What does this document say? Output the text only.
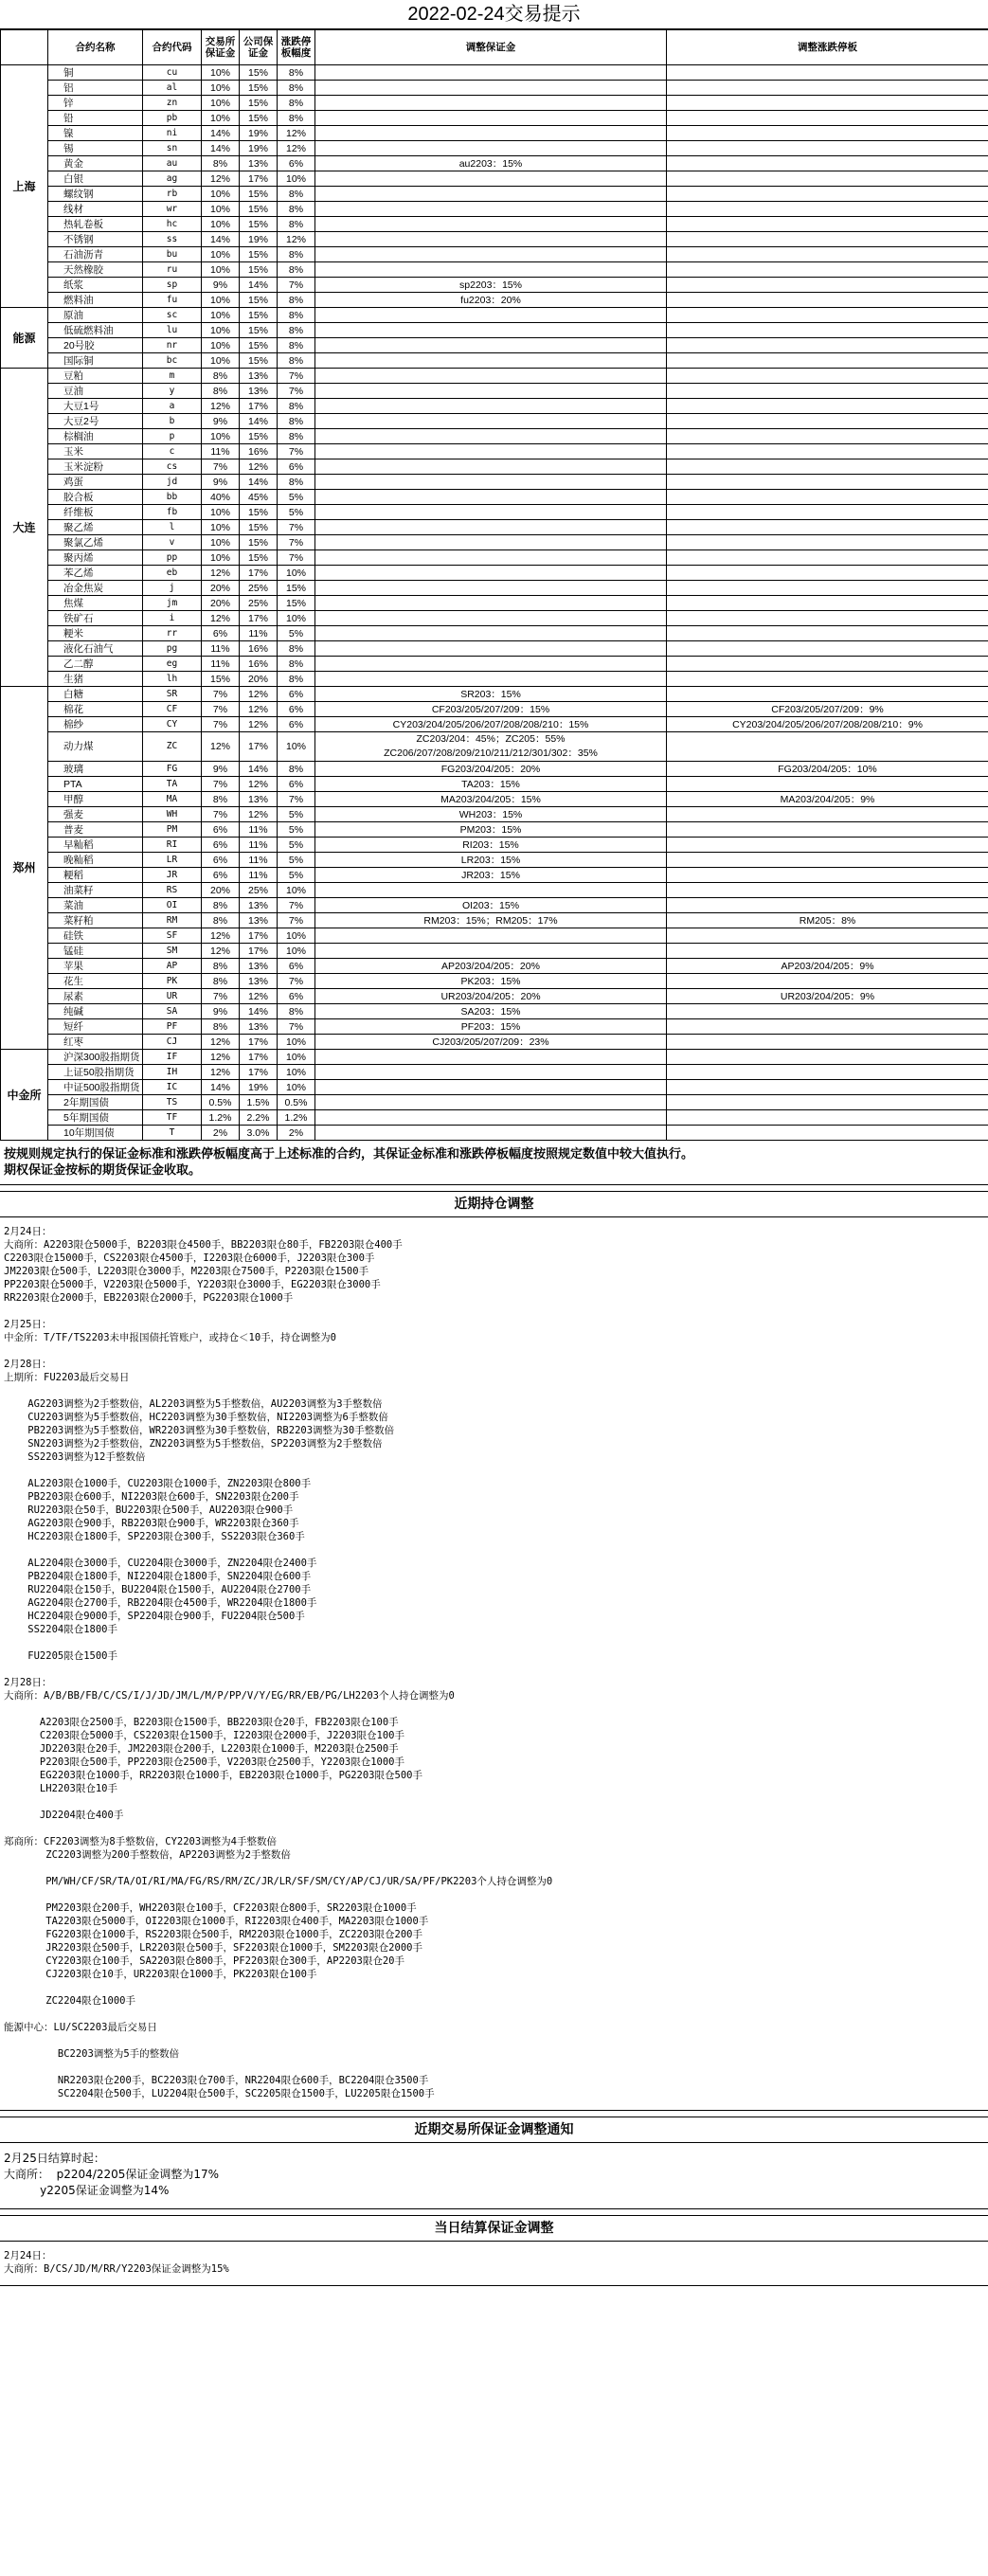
2022-02-24交易提示
	合约名称	合约代码	交易所保证金	公司保证金	涨跌停板幅度	调整保证金	调整涨跌停板
上海	铜	cu	10%	15%	8%		
	铝	al	10%	15%	8%		
	锌	zn	10%	15%	8%		
	铅	pb	10%	15%	8%		
	镍	ni	14%	19%	12%		
	锡	sn	14%	19%	12%		
	黄金	au	8%	13%	6%	au2203：15%	
	白银	ag	12%	17%	10%		
	螺纹钢	rb	10%	15%	8%		
	线材	wr	10%	15%	8%		
	热轧卷板	hc	10%	15%	8%		
	不锈钢	ss	14%	19%	12%		
	石油沥青	bu	10%	15%	8%		
	天然橡胶	ru	10%	15%	8%		
	纸浆	sp	9%	14%	7%	sp2203：15%	
	燃料油	fu	10%	15%	8%	fu2203：20%	
能源	原油	sc	10%	15%	8%		
	低硫燃料油	lu	10%	15%	8%		
	20号胶	nr	10%	15%	8%		
	国际铜	bc	10%	15%	8%		
大连	豆粕	m	8%	13%	7%		
	豆油	y	8%	13%	7%		
	大豆1号	a	12%	17%	8%		
	大豆2号	b	9%	14%	8%		
	棕榈油	p	10%	15%	8%		
	玉米	c	11%	16%	7%		
	玉米淀粉	cs	7%	12%	6%		
	鸡蛋	jd	9%	14%	8%		
	胶合板	bb	40%	45%	5%		
	纤维板	fb	10%	15%	5%		
	聚乙烯	l	10%	15%	7%		
	聚氯乙烯	v	10%	15%	7%		
	聚丙烯	pp	10%	15%	7%		
	苯乙烯	eb	12%	17%	10%		
	冶金焦炭	j	20%	25%	15%		
	焦煤	jm	20%	25%	15%		
	铁矿石	i	12%	17%	10%		
	粳米	rr	6%	11%	5%		
	液化石油气	pg	11%	16%	8%		
	乙二醇	eg	11%	16%	8%		
	生猪	lh	15%	20%	8%		
郑州	白糖	SR	7%	12%	6%	SR203：15%	
	棉花	CF	7%	12%	6%	CF203/205/207/209：15%	CF203/205/207/209：9%
	棉纱	CY	7%	12%	6%	CY203/204/205/206/207/208/208/210：15%	CY203/204/205/206/207/208/208/210：9%
	动力煤	ZC	12%	17%	10%	ZC203/204：45%；ZC205：55%
ZC206/207/208/209/210/211/212/301/302：35%	
	玻璃	FG	9%	14%	8%	FG203/204/205：20%	FG203/204/205：10%
	PTA	TA	7%	12%	6%	TA203：15%	
	甲醇	MA	8%	13%	7%	MA203/204/205：15%	MA203/204/205：9%
	强麦	WH	7%	12%	5%	WH203：15%	
	普麦	PM	6%	11%	5%	PM203：15%	
	早籼稻	RI	6%	11%	5%	RI203：15%	
	晚籼稻	LR	6%	11%	5%	LR203：15%	
	粳稻	JR	6%	11%	5%	JR203：15%	
	油菜籽	RS	20%	25%	10%		
	菜油	OI	8%	13%	7%	OI203：15%	
	菜籽粕	RM	8%	13%	7%	RM203：15%；RM205：17%	RM205：8%
	硅铁	SF	12%	17%	10%		
	锰硅	SM	12%	17%	10%		
	苹果	AP	8%	13%	6%	AP203/204/205：20%	AP203/204/205：9%
	花生	PK	8%	13%	7%	PK203：15%	
	尿素	UR	7%	12%	6%	UR203/204/205：20%	UR203/204/205：9%
	纯碱	SA	9%	14%	8%	SA203：15%	
	短纤	PF	8%	13%	7%	PF203：15%	
	红枣	CJ	12%	17%	10%	CJ203/205/207/209：23%	
中金所	沪深300股指期货	IF	12%	17%	10%		
	上证50股指期货	IH	12%	17%	10%		
	中证500股指期货	IC	14%	19%	10%		
	2年期国债	TS	0.5%	1.5%	0.5%		
	5年期国债	TF	1.2%	2.2%	1.2%		
	10年期国债	T	2%	3.0%	2%		
按规则规定执行的保证金标准和涨跌停板幅度高于上述标准的合约，其保证金标准和涨跌停板幅度按照规定数值中较大值执行。
期权保证金按标的期货保证金收取。
近期持仓调整
2月24日：
大商所：A2203限仓5000手，B2203限仓4500手，BB2203限仓80手，FB2203限仓400手
C2203限仓15000手，CS2203限仓4500手，I2203限仓6000手，J2203限仓300手
JM2203限仓500手，L2203限仓3000手，M2203限仓7500手，P2203限仓1500手
PP2203限仓5000手，V2203限仓5000手，Y2203限仓3000手，EG2203限仓3000手
RR2203限仓2000手，EB2203限仓2000手，PG2203限仓1000手
2月25日：
中金所：T/TF/TS2203未申报国债托管账户，或持仓＜10手，持仓调整为0
2月28日：
上期所：FU2203最后交易日
AG2203调整为2手整数倍，AL2203调整为5手整数倍，AU2203调整为3手整数倍
CU2203调整为5手整数倍，HC2203调整为30手整数倍，NI2203调整为6手整数倍
PB2203调整为5手整数倍，WR2203调整为30手整数倍，RB2203调整为30手整数倍
SN2203调整为2手整数倍，ZN2203调整为5手整数倍，SP2203调整为2手整数倍
SS2203调整为12手整数倍
AL2203限仓1000手，CU2203限仓1000手，ZN2203限仓800手
PB2203限仓600手，NI2203限仓600手，SN2203限仓200手
RU2203限仓50手，BU2203限仓500手，AU2203限仓900手
AG2203限仓900手，RB2203限仓900手，WR2203限仓360手
HC2203限仓1800手，SP2203限仓300手，SS2203限仓360手
AL2204限仓3000手，CU2204限仓3000手，ZN2204限仓2400手
PB2204限仓1800手，NI2204限仓1800手，SN2204限仓600手
RU2204限仓150手，BU2204限仓1500手，AU2204限仓2700手
AG2204限仓2700手，RB2204限仓4500手，WR2204限仓1800手
HC2204限仓9000手，SP2204限仓900手，FU2204限仓500手
SS2204限仓1800手
FU2205限仓1500手
2月28日：
大商所：A/B/BB/FB/C/CS/I/J/JD/JM/L/M/P/PP/V/Y/EG/RR/EB/PG/LH2203个人持仓调整为0
A2203限仓2500手，B2203限仓1500手，BB2203限仓20手，FB2203限仓100手
C2203限仓5000手，CS2203限仓1500手，I2203限仓2000手，J2203限仓100手
JD2203限仓20手，JM2203限仓200手，L2203限仓1000手，M2203限仓2500手
P2203限仓500手，PP2203限仓2500手，V2203限仓2500手，Y2203限仓1000手
EG2203限仓1000手，RR2203限仓1000手，EB2203限仓1000手，PG2203限仓500手
LH2203限仓10手
JD2204限仓400手
郑商所：CF2203调整为8手整数倍，CY2203调整为4手整数倍
ZC2203调整为200手整数倍，AP2203调整为2手整数倍
PM/WH/CF/SR/TA/OI/RI/MA/FG/RS/RM/ZC/JR/LR/SF/SM/CY/AP/CJ/UR/SA/PF/PK2203个人持仓调整为0
PM2203限仓200手，WH2203限仓100手，CF2203限仓800手，SR2203限仓1000手
TA2203限仓5000手，OI2203限仓1000手，RI2203限仓400手，MA2203限仓1000手
FG2203限仓1000手，RS2203限仓500手，RM2203限仓1000手，ZC2203限仓200手
JR2203限仓500手，LR2203限仓500手，SF2203限仓1000手，SM2203限仓2000手
CY2203限仓100手，SA2203限仓800手，PF2203限仓300手，AP2203限仓20手
CJ2203限仓10手，UR2203限仓1000手，PK2203限仓100手
ZC2204限仓1000手
能源中心：LU/SC2203最后交易日
BC2203调整为5手的整数倍
NR2203限仓200手，BC2203限仓700手，NR2204限仓600手，BC2204限仓3500手
SC2204限仓500手，LU2204限仓500手，SC2205限仓1500手，LU2205限仓1500手
近期交易所保证金调整通知
2月25日结算时起：
大商所：  p2204/2205保证金调整为17%
y2205保证金调整为14%
当日结算保证金调整
2月24日：
大商所：B/CS/JD/M/RR/Y2203保证金调整为15%
